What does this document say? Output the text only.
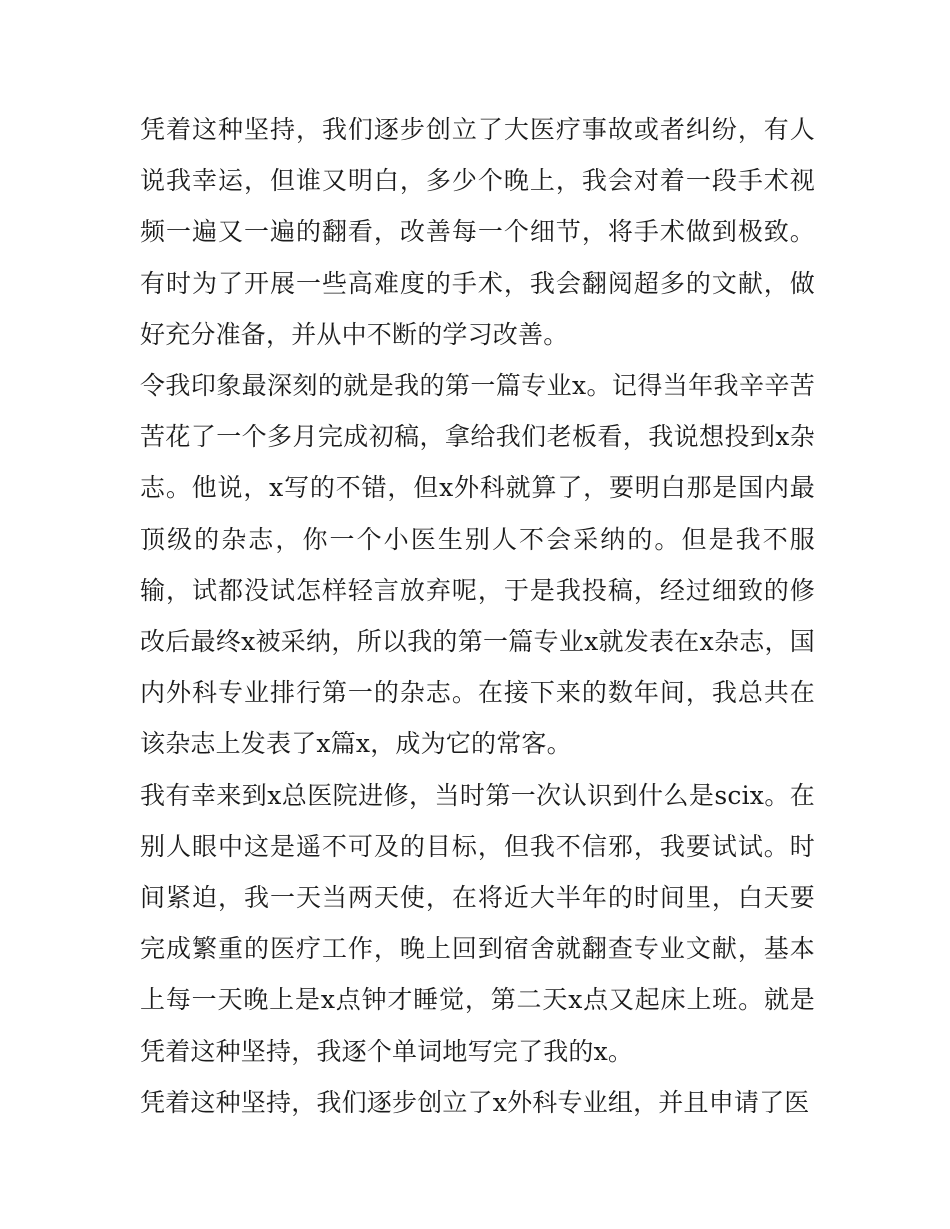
凭着这种坚持，我们逐步创立了大医疗事故或者纠纷，有人说我幸运，但谁又明白，多少个晚上，我会对着一段手术视频一遍又一遍的翻看，改善每一个细节，将手术做到极致。有时为了开展一些高难度的手术，我会翻阅超多的文献，做好充分准备，并从中不断的学习改善。

令我印象最深刻的就是我的第一篇专业x。记得当年我辛辛苦苦花了一个多月完成初稿，拿给我们老板看，我说想投到x杂志。他说，x写的不错，但x外科就算了，要明白那是国内最顶级的杂志，你一个小医生别人不会采纳的。但是我不服输，试都没试怎样轻言放弃呢，于是我投稿，经过细致的修改后最终x被采纳，所以我的第一篇专业x就发表在x杂志，国内外科专业排行第一的杂志。在接下来的数年间，我总共在该杂志上发表了x篇x，成为它的常客。

我有幸来到x总医院进修，当时第一次认识到什么是scix。在别人眼中这是遥不可及的目标，但我不信邪，我要试试。时间紧迫，我一天当两天使，在将近大半年的时间里，白天要完成繁重的医疗工作，晚上回到宿舍就翻查专业文献，基本上每一天晚上是x点钟才睡觉，第二天x点又起床上班。就是凭着这种坚持，我逐个单词地写完了我的x。

凭着这种坚持，我们逐步创立了x外科专业组，并且申请了医
